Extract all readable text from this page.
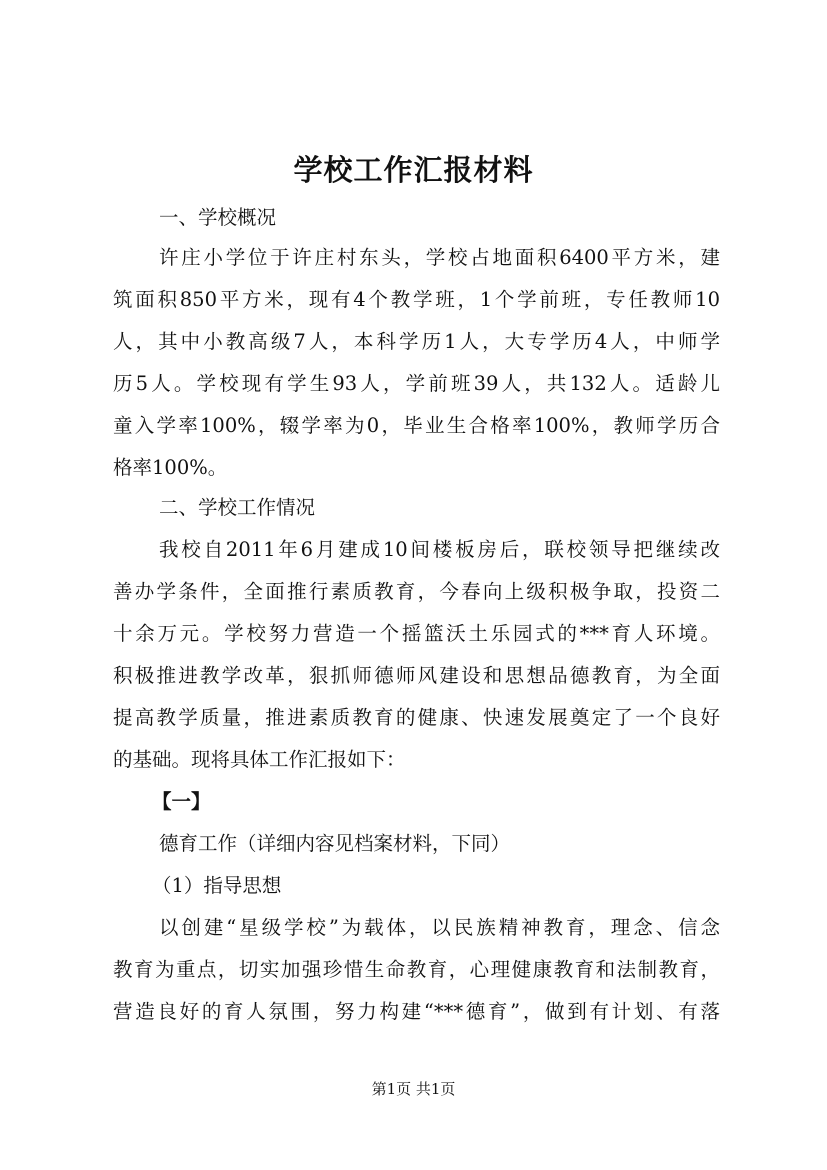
学校工作汇报材料
一、学校概况
许庄小学位于许庄村东头，学校占地面积6400平方米，建
筑面积850平方米，现有4个教学班，1个学前班，专任教师10
人，其中小教高级7人，本科学历1人，大专学历4人，中师学
历5人。学校现有学生93人，学前班39人，共132人。适龄儿
童入学率100%，辍学率为0，毕业生合格率100%，教师学历合
格率100%。
二、学校工作情况
我校自2011年6月建成10间楼板房后，联校领导把继续改
善办学条件，全面推行素质教育，今春向上级积极争取，投资二
十余万元。学校努力营造一个摇篮沃土乐园式的***育人环境。
积极推进教学改革，狠抓师德师风建设和思想品德教育，为全面
提高教学质量，推进素质教育的健康、快速发展奠定了一个良好
的基础。现将具体工作汇报如下：
【一】
德育工作（详细内容见档案材料，下同）
（1）指导思想
以创建“星级学校”为载体，以民族精神教育，理念、信念
教育为重点，切实加强珍惜生命教育，心理健康教育和法制教育，
营造良好的育人氛围，努力构建“***德育”，做到有计划、有落
第1页 共1页
